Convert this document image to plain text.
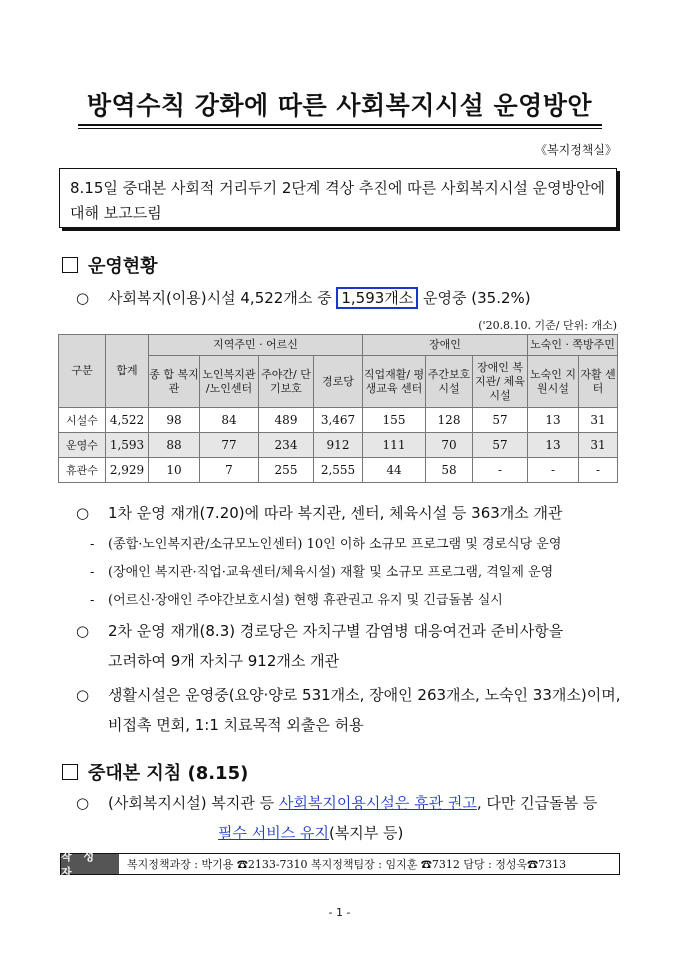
방역수칙 강화에 따른 사회복지시설 운영방안
《복지정책실》
8.15일 중대본 사회적 거리두기 2단계 격상 추진에 따른 사회복지시설 운영방안에 대해 보고드림
운영현황
○ 사회복지(이용)시설 4,522개소 중 1,593개소 운영중 (35.2%)
('20.8.10. 기준/ 단위: 개소)
구분	합계	지역주민 · 어르신				장애인			노숙인 · 쪽방주민	
		종 합 복지관	노인복지관 /노인센터	주야간/ 단기보호	경로당	직업재활/ 평생교육 센터	주간보호 시설	장애인 복지관/ 체육시설	노숙인 지원시설	자활 센터
시설수	4,522	98	84	489	3,467	155	128	57	13	31
운영수	1,593	88	77	234	912	111	70	57	13	31
휴관수	2,929	10	7	255	2,555	44	58	-	-	-
○ 1차 운영 재개(7.20)에 따라 복지관, 센터, 체육시설 등 363개소 개관
- (종합·노인복지관/소규모노인센터) 10인 이하 소규모 프로그램 및 경로식당 운영
- (장애인 복지관·직업·교육센터/체육시설) 재활 및 소규모 프로그램, 격일제 운영
- (어르신·장애인 주야간보호시설) 현행 휴관권고 유지 및 긴급돌봄 실시
○ 2차 운영 재개(8.3) 경로당은 자치구별 감염병 대응여건과 준비사항을
고려하여 9개 자치구 912개소 개관
○ 생활시설은 운영중(요양·양로 531개소, 장애인 263개소, 노숙인 33개소)이며,
비접촉 면회, 1:1 치료목적 외출은 허용
중대본 지침 (8.15)
○ (사회복지시설) 복지관 등 사회복지이용시설은 휴관 권고, 다만 긴급돌봄 등
필수 서비스 유지(복지부 등)
작 성 자
복지정책과장 : 박기용 ☎2133-7310 복지정책팀장 : 임지훈 ☎7312 담당 : 정성욱☎7313
- 1 -
